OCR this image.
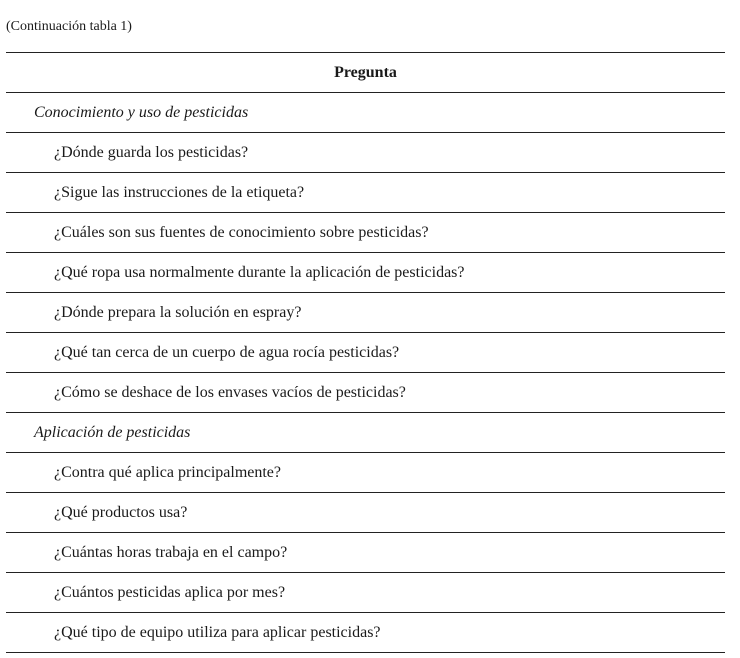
(Continuación tabla 1)
Pregunta
Conocimiento y uso de pesticidas
¿Dónde guarda los pesticidas?
¿Sigue las instrucciones de la etiqueta?
¿Cuáles son sus fuentes de conocimiento sobre pesticidas?
¿Qué ropa usa normalmente durante la aplicación de pesticidas?
¿Dónde prepara la solución en espray?
¿Qué tan cerca de un cuerpo de agua rocía pesticidas?
¿Cómo se deshace de los envases vacíos de pesticidas?
Aplicación de pesticidas
¿Contra qué aplica principalmente?
¿Qué productos usa?
¿Cuántas horas trabaja en el campo?
¿Cuántos pesticidas aplica por mes?
¿Qué tipo de equipo utiliza para aplicar pesticidas?
